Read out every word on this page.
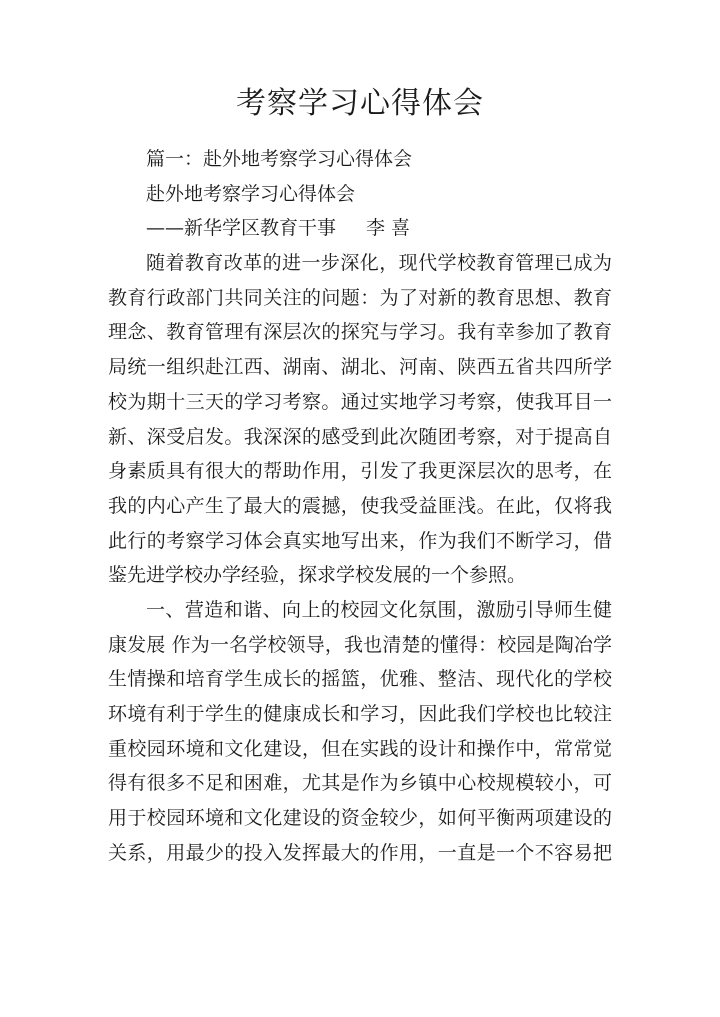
考察学习心得体会
篇一：赴外地考察学习心得体会
赴外地考察学习心得体会
——新华学区教育干事 李 喜
随着教育改革的进一步深化，现代学校教育管理已成为
教育行政部门共同关注的问题：为了对新的教育思想、教育
理念、教育管理有深层次的探究与学习。我有幸参加了教育
局统一组织赴江西、湖南、湖北、河南、陕西五省共四所学
校为期十三天的学习考察。通过实地学习考察，使我耳目一
新、深受启发。我深深的感受到此次随团考察，对于提高自
身素质具有很大的帮助作用，引发了我更深层次的思考，在
我的内心产生了最大的震撼，使我受益匪浅。在此，仅将我
此行的考察学习体会真实地写出来，作为我们不断学习，借
鉴先进学校办学经验，探求学校发展的一个参照。
一、营造和谐、向上的校园文化氛围，激励引导师生健
康发展 作为一名学校领导，我也清楚的懂得：校园是陶冶学
生情操和培育学生成长的摇篮，优雅、整洁、现代化的学校
环境有利于学生的健康成长和学习，因此我们学校也比较注
重校园环境和文化建设，但在实践的设计和操作中，常常觉
得有很多不足和困难，尤其是作为乡镇中心校规模较小，可
用于校园环境和文化建设的资金较少，如何平衡两项建设的
关系，用最少的投入发挥最大的作用，一直是一个不容易把
